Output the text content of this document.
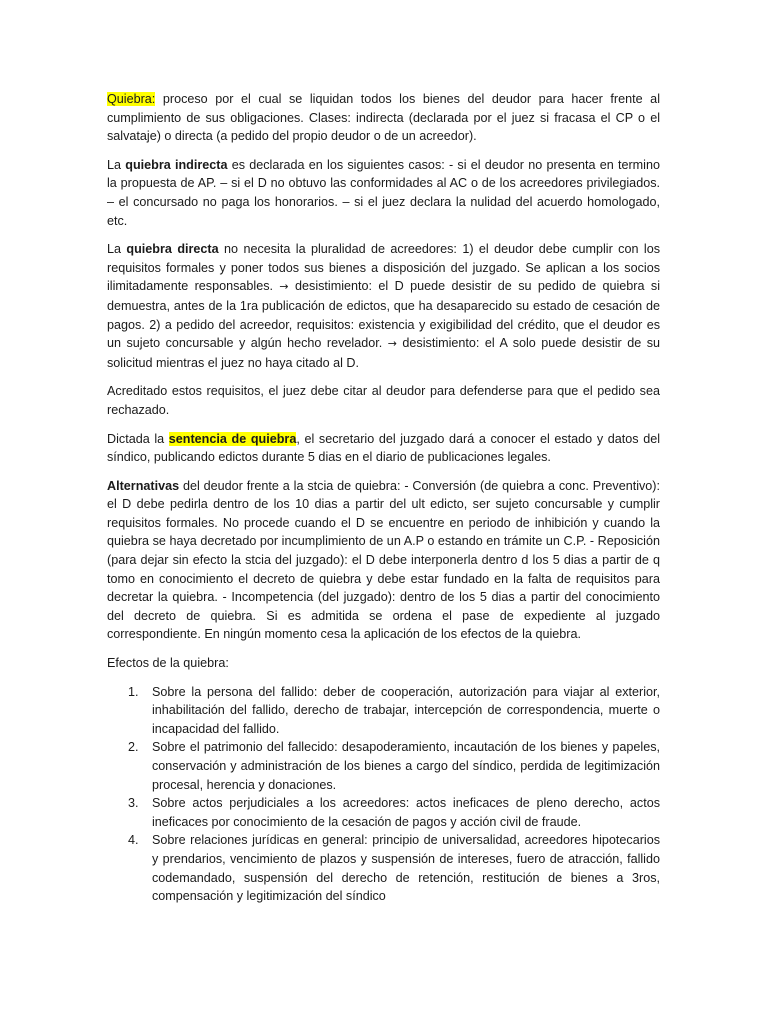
Quiebra: proceso por el cual se liquidan todos los bienes del deudor para hacer frente al cumplimiento de sus obligaciones. Clases: indirecta (declarada por el juez si fracasa el CP o el salvataje) o directa (a pedido del propio deudor o de un acreedor).

La quiebra indirecta es declarada en los siguientes casos: - si el deudor no presenta en termino la propuesta de AP. – si el D no obtuvo las conformidades al AC o de los acreedores privilegiados. – el concursado no paga los honorarios. – si el juez declara la nulidad del acuerdo homologado, etc.

La quiebra directa no necesita la pluralidad de acreedores: 1) el deudor debe cumplir con los requisitos formales y poner todos sus bienes a disposición del juzgado. Se aplican a los socios ilimitadamente responsables. → desistimiento: el D puede desistir de su pedido de quiebra si demuestra, antes de la 1ra publicación de edictos, que ha desaparecido su estado de cesación de pagos. 2) a pedido del acreedor, requisitos: existencia y exigibilidad del crédito, que el deudor es un sujeto concursable y algún hecho revelador. → desistimiento: el A solo puede desistir de su solicitud mientras el juez no haya citado al D.

Acreditado estos requisitos, el juez debe citar al deudor para defenderse para que el pedido sea rechazado.

Dictada la sentencia de quiebra, el secretario del juzgado dará a conocer el estado y datos del síndico, publicando edictos durante 5 dias en el diario de publicaciones legales.

Alternativas del deudor frente a la stcia de quiebra: - Conversión (de quiebra a conc. Preventivo): el D debe pedirla dentro de los 10 dias a partir del ult edicto, ser sujeto concursable y cumplir requisitos formales. No procede cuando el D se encuentre en periodo de inhibición y cuando la quiebra se haya decretado por incumplimiento de un A.P o estando en trámite un C.P. - Reposición (para dejar sin efecto la stcia del juzgado): el D debe interponerla dentro d los 5 dias a partir de q tomo en conocimiento el decreto de quiebra y debe estar fundado en la falta de requisitos para decretar la quiebra. - Incompetencia (del juzgado): dentro de los 5 dias a partir del conocimiento del decreto de quiebra. Si es admitida se ordena el pase de expediente al juzgado correspondiente. En ningún momento cesa la aplicación de los efectos de la quiebra.

Efectos de la quiebra:

1.	Sobre la persona del fallido: deber de cooperación, autorización para viajar al exterior, inhabilitación del fallido, derecho de trabajar, intercepción de correspondencia, muerte o incapacidad del fallido.
2.	Sobre el patrimonio del fallecido: desapoderamiento, incautación de los bienes y papeles, conservación y administración de los bienes a cargo del síndico, perdida de legitimización procesal, herencia y donaciones.
3.	Sobre actos perjudiciales a los acreedores: actos ineficaces de pleno derecho, actos ineficaces por conocimiento de la cesación de pagos y acción civil de fraude.
4.	Sobre relaciones jurídicas en general: principio de universalidad, acreedores hipotecarios y prendarios, vencimiento de plazos y suspensión de intereses, fuero de atracción, fallido codemandado, suspensión del derecho de retención, restitución de bienes a 3ros, compensación y legitimización del síndico
